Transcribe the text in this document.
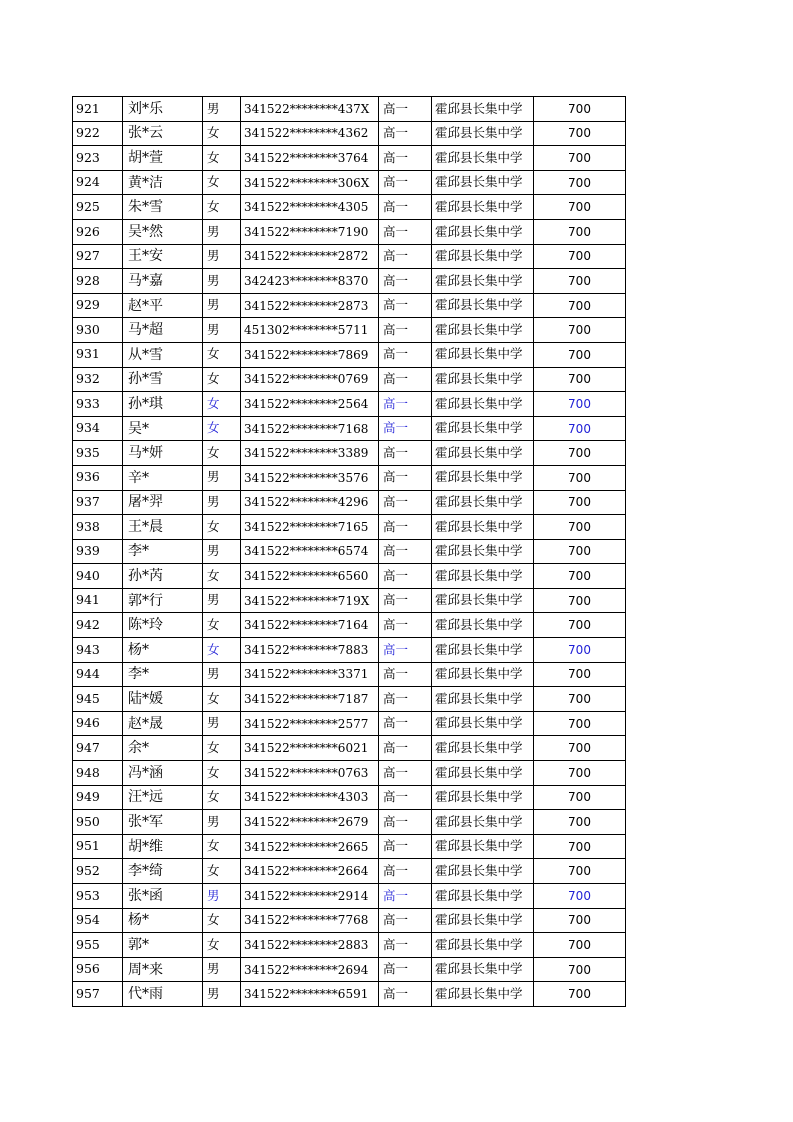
921	刘*乐	男	341522********437X	高一	霍邱县长集中学	700
922	张*云	女	341522********4362	高一	霍邱县长集中学	700
923	胡*萱	女	341522********3764	高一	霍邱县长集中学	700
924	黄*洁	女	341522********306X	高一	霍邱县长集中学	700
925	朱*雪	女	341522********4305	高一	霍邱县长集中学	700
926	吴*然	男	341522********7190	高一	霍邱县长集中学	700
927	王*安	男	341522********2872	高一	霍邱县长集中学	700
928	马*嘉	男	342423********8370	高一	霍邱县长集中学	700
929	赵*平	男	341522********2873	高一	霍邱县长集中学	700
930	马*超	男	451302********5711	高一	霍邱县长集中学	700
931	从*雪	女	341522********7869	高一	霍邱县长集中学	700
932	孙*雪	女	341522********0769	高一	霍邱县长集中学	700
933	孙*琪	女	341522********2564	高一	霍邱县长集中学	700
934	吴*	女	341522********7168	高一	霍邱县长集中学	700
935	马*妍	女	341522********3389	高一	霍邱县长集中学	700
936	辛*	男	341522********3576	高一	霍邱县长集中学	700
937	屠*羿	男	341522********4296	高一	霍邱县长集中学	700
938	王*晨	女	341522********7165	高一	霍邱县长集中学	700
939	李*	男	341522********6574	高一	霍邱县长集中学	700
940	孙*芮	女	341522********6560	高一	霍邱县长集中学	700
941	郭*行	男	341522********719X	高一	霍邱县长集中学	700
942	陈*玲	女	341522********7164	高一	霍邱县长集中学	700
943	杨*	女	341522********7883	高一	霍邱县长集中学	700
944	李*	男	341522********3371	高一	霍邱县长集中学	700
945	陆*媛	女	341522********7187	高一	霍邱县长集中学	700
946	赵*晟	男	341522********2577	高一	霍邱县长集中学	700
947	余*	女	341522********6021	高一	霍邱县长集中学	700
948	冯*涵	女	341522********0763	高一	霍邱县长集中学	700
949	汪*远	女	341522********4303	高一	霍邱县长集中学	700
950	张*军	男	341522********2679	高一	霍邱县长集中学	700
951	胡*维	女	341522********2665	高一	霍邱县长集中学	700
952	李*绮	女	341522********2664	高一	霍邱县长集中学	700
953	张*函	男	341522********2914	高一	霍邱县长集中学	700
954	杨*	女	341522********7768	高一	霍邱县长集中学	700
955	郭*	女	341522********2883	高一	霍邱县长集中学	700
956	周*来	男	341522********2694	高一	霍邱县长集中学	700
957	代*雨	男	341522********6591	高一	霍邱县长集中学	700
